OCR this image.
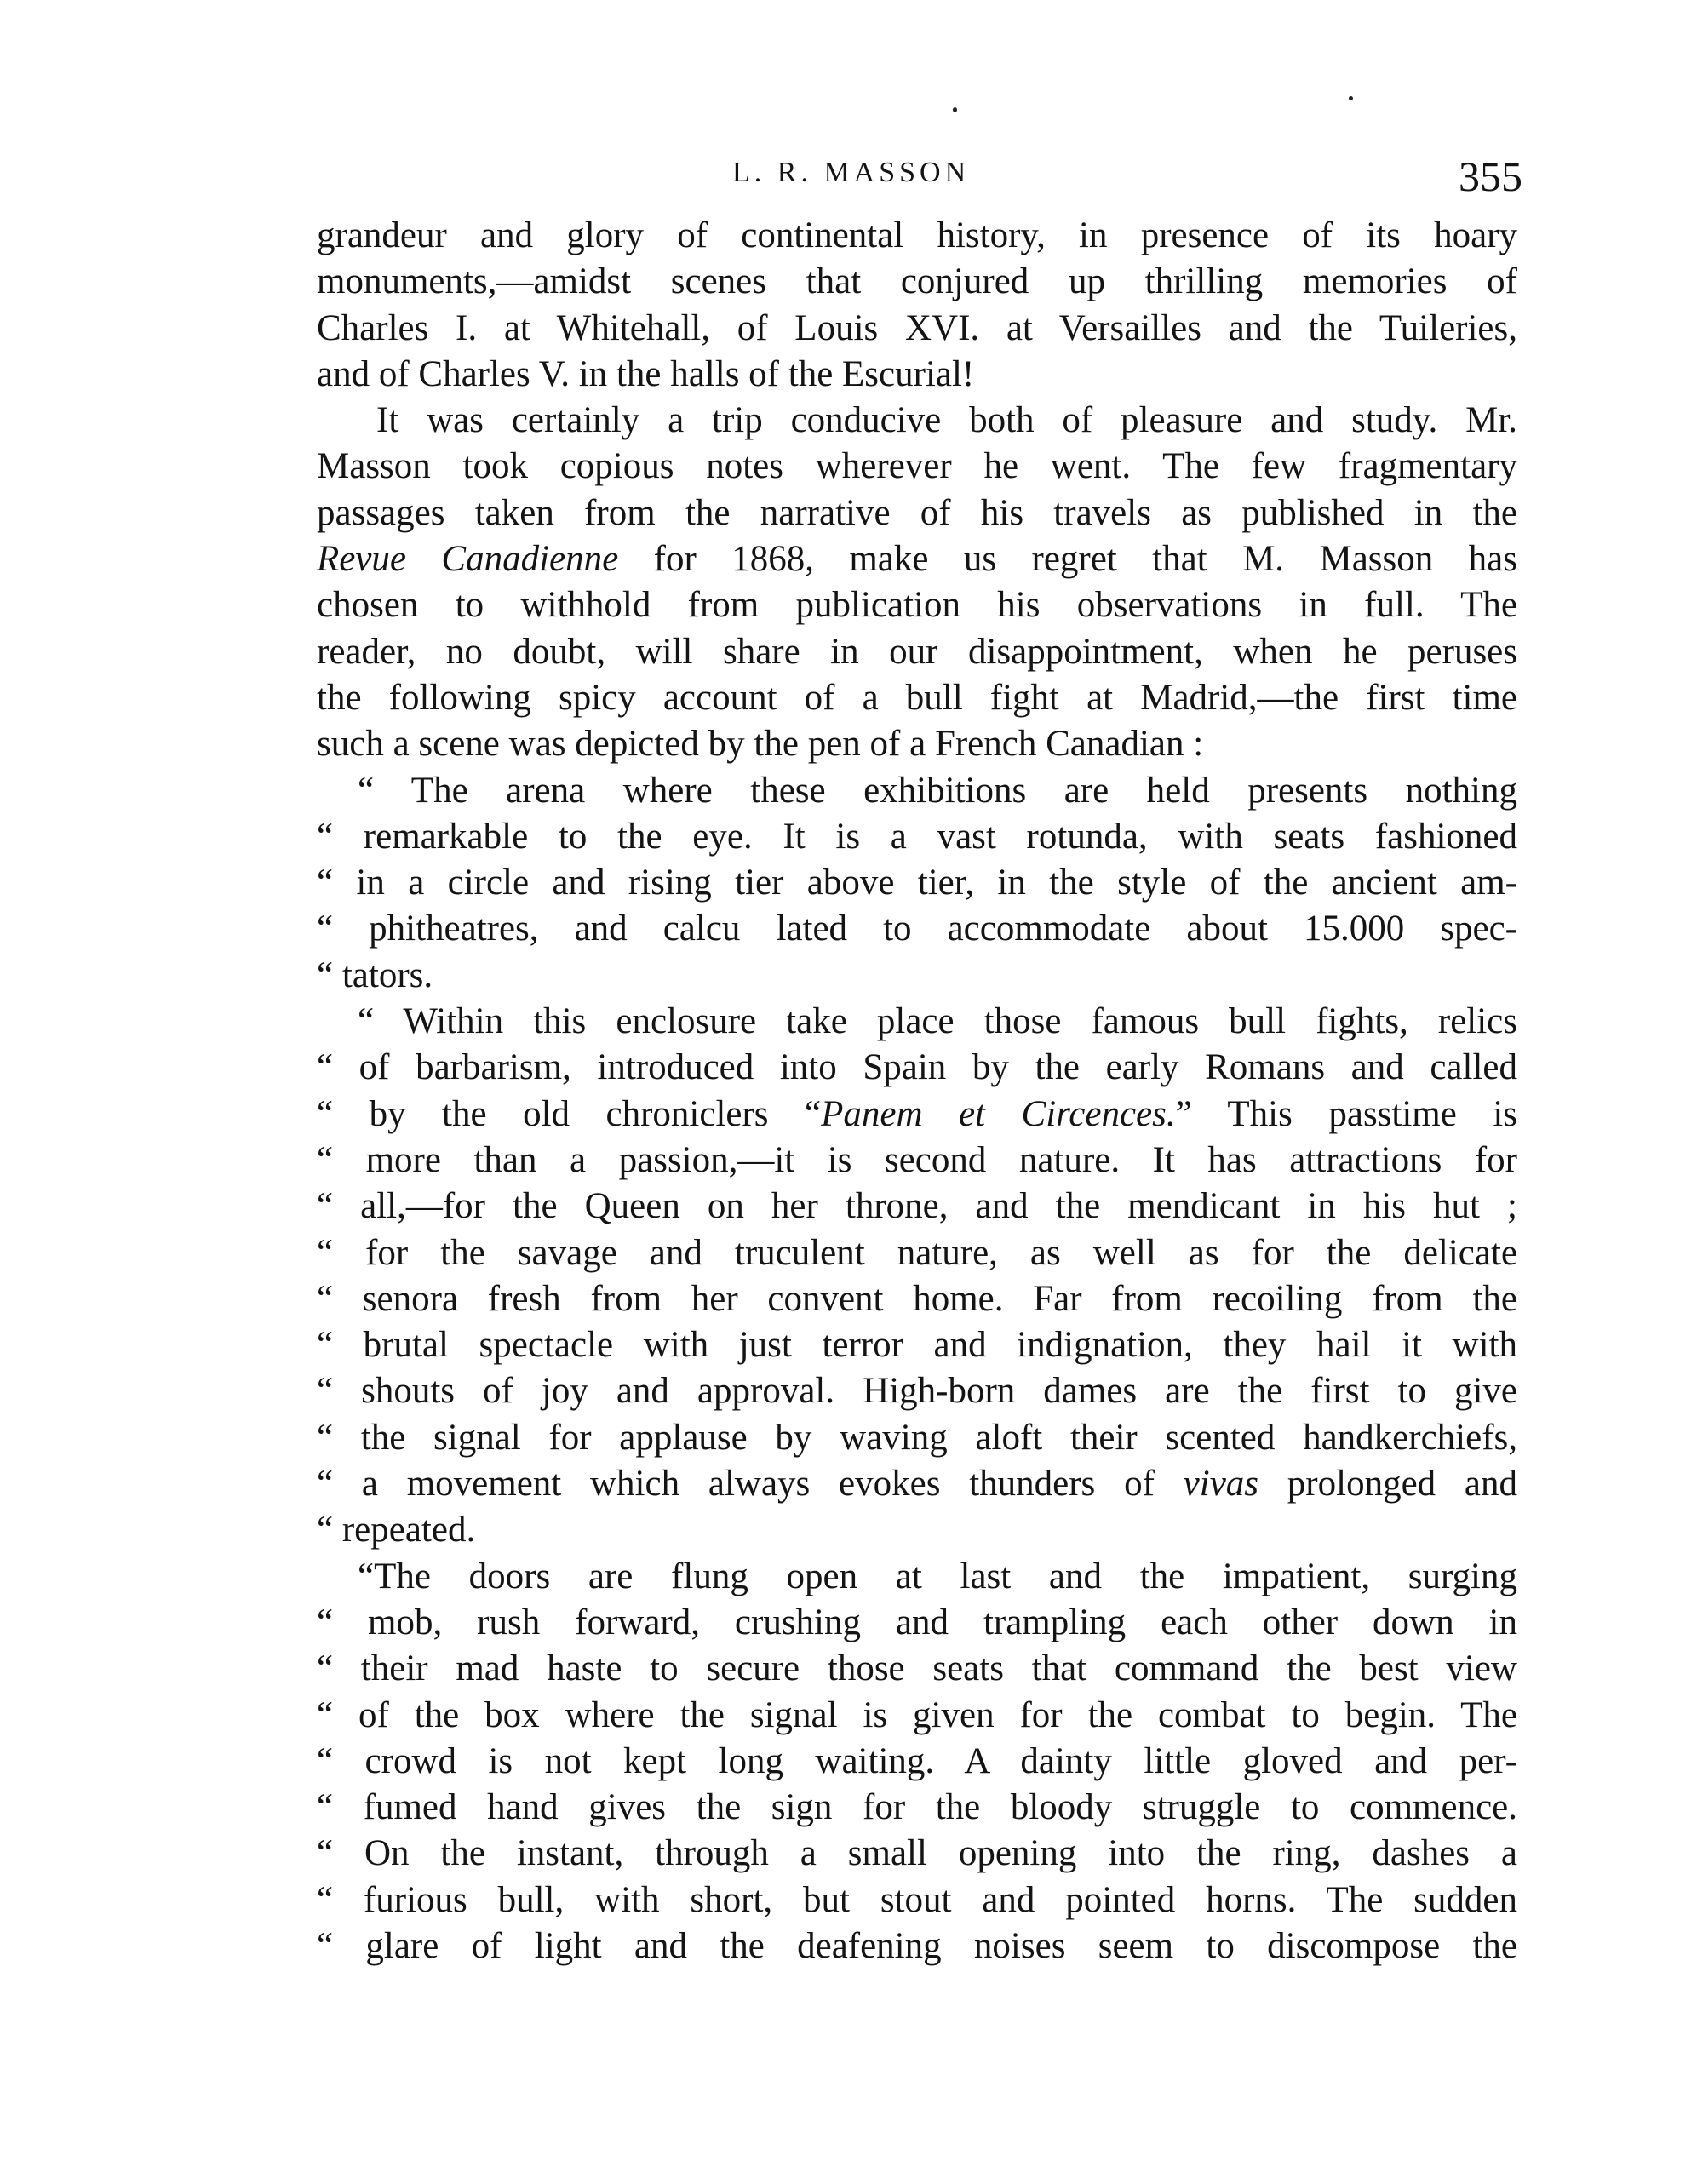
L. R. MASSON	355
grandeur and glory of continental history, in presence of its hoary
monuments,—amidst scenes that conjured up thrilling memories of
Charles I. at Whitehall, of Louis XVI. at Versailles and the Tuileries,
and of Charles V. in the halls of the Escurial!
It was certainly a trip conducive both of pleasure and study. Mr.
Masson took copious notes wherever he went. The few fragmentary
passages taken from the narrative of his travels as published in the
Revue Canadienne for 1868, make us regret that M. Masson has
chosen to withhold from publication his observations in full. The
reader, no doubt, will share in our disappointment, when he peruses
the following spicy account of a bull fight at Madrid,—the first time
such a scene was depicted by the pen of a French Canadian :
“ The arena where these exhibitions are held presents nothing
“ remarkable to the eye. It is a vast rotunda, with seats fashioned
“ in a circle and rising tier above tier, in the style of the ancient am-
“ phitheatres, and calcu lated to accommodate about 15.000 spec-
“ tators.
“ Within this enclosure take place those famous bull fights, relics
“ of barbarism, introduced into Spain by the early Romans and called
“ by the old chroniclers “Panem et Circences.” This passtime is
“ more than a passion,—it is second nature. It has attractions for
“ all,—for the Queen on her throne, and the mendicant in his hut ;
“ for the savage and truculent nature, as well as for the delicate
“ senora fresh from her convent home. Far from recoiling from the
“ brutal spectacle with just terror and indignation, they hail it with
“ shouts of joy and approval. High-born dames are the first to give
“ the signal for applause by waving aloft their scented handkerchiefs,
“ a movement which always evokes thunders of vivas prolonged and
“ repeated.
“The doors are flung open at last and the impatient, surging
“ mob, rush forward, crushing and trampling each other down in
“ their mad haste to secure those seats that command the best view
“ of the box where the signal is given for the combat to begin. The
“ crowd is not kept long waiting. A dainty little gloved and per-
“ fumed hand gives the sign for the bloody struggle to commence.
“ On the instant, through a small opening into the ring, dashes a
“ furious bull, with short, but stout and pointed horns. The sudden
“ glare of light and the deafening noises seem to discompose the
